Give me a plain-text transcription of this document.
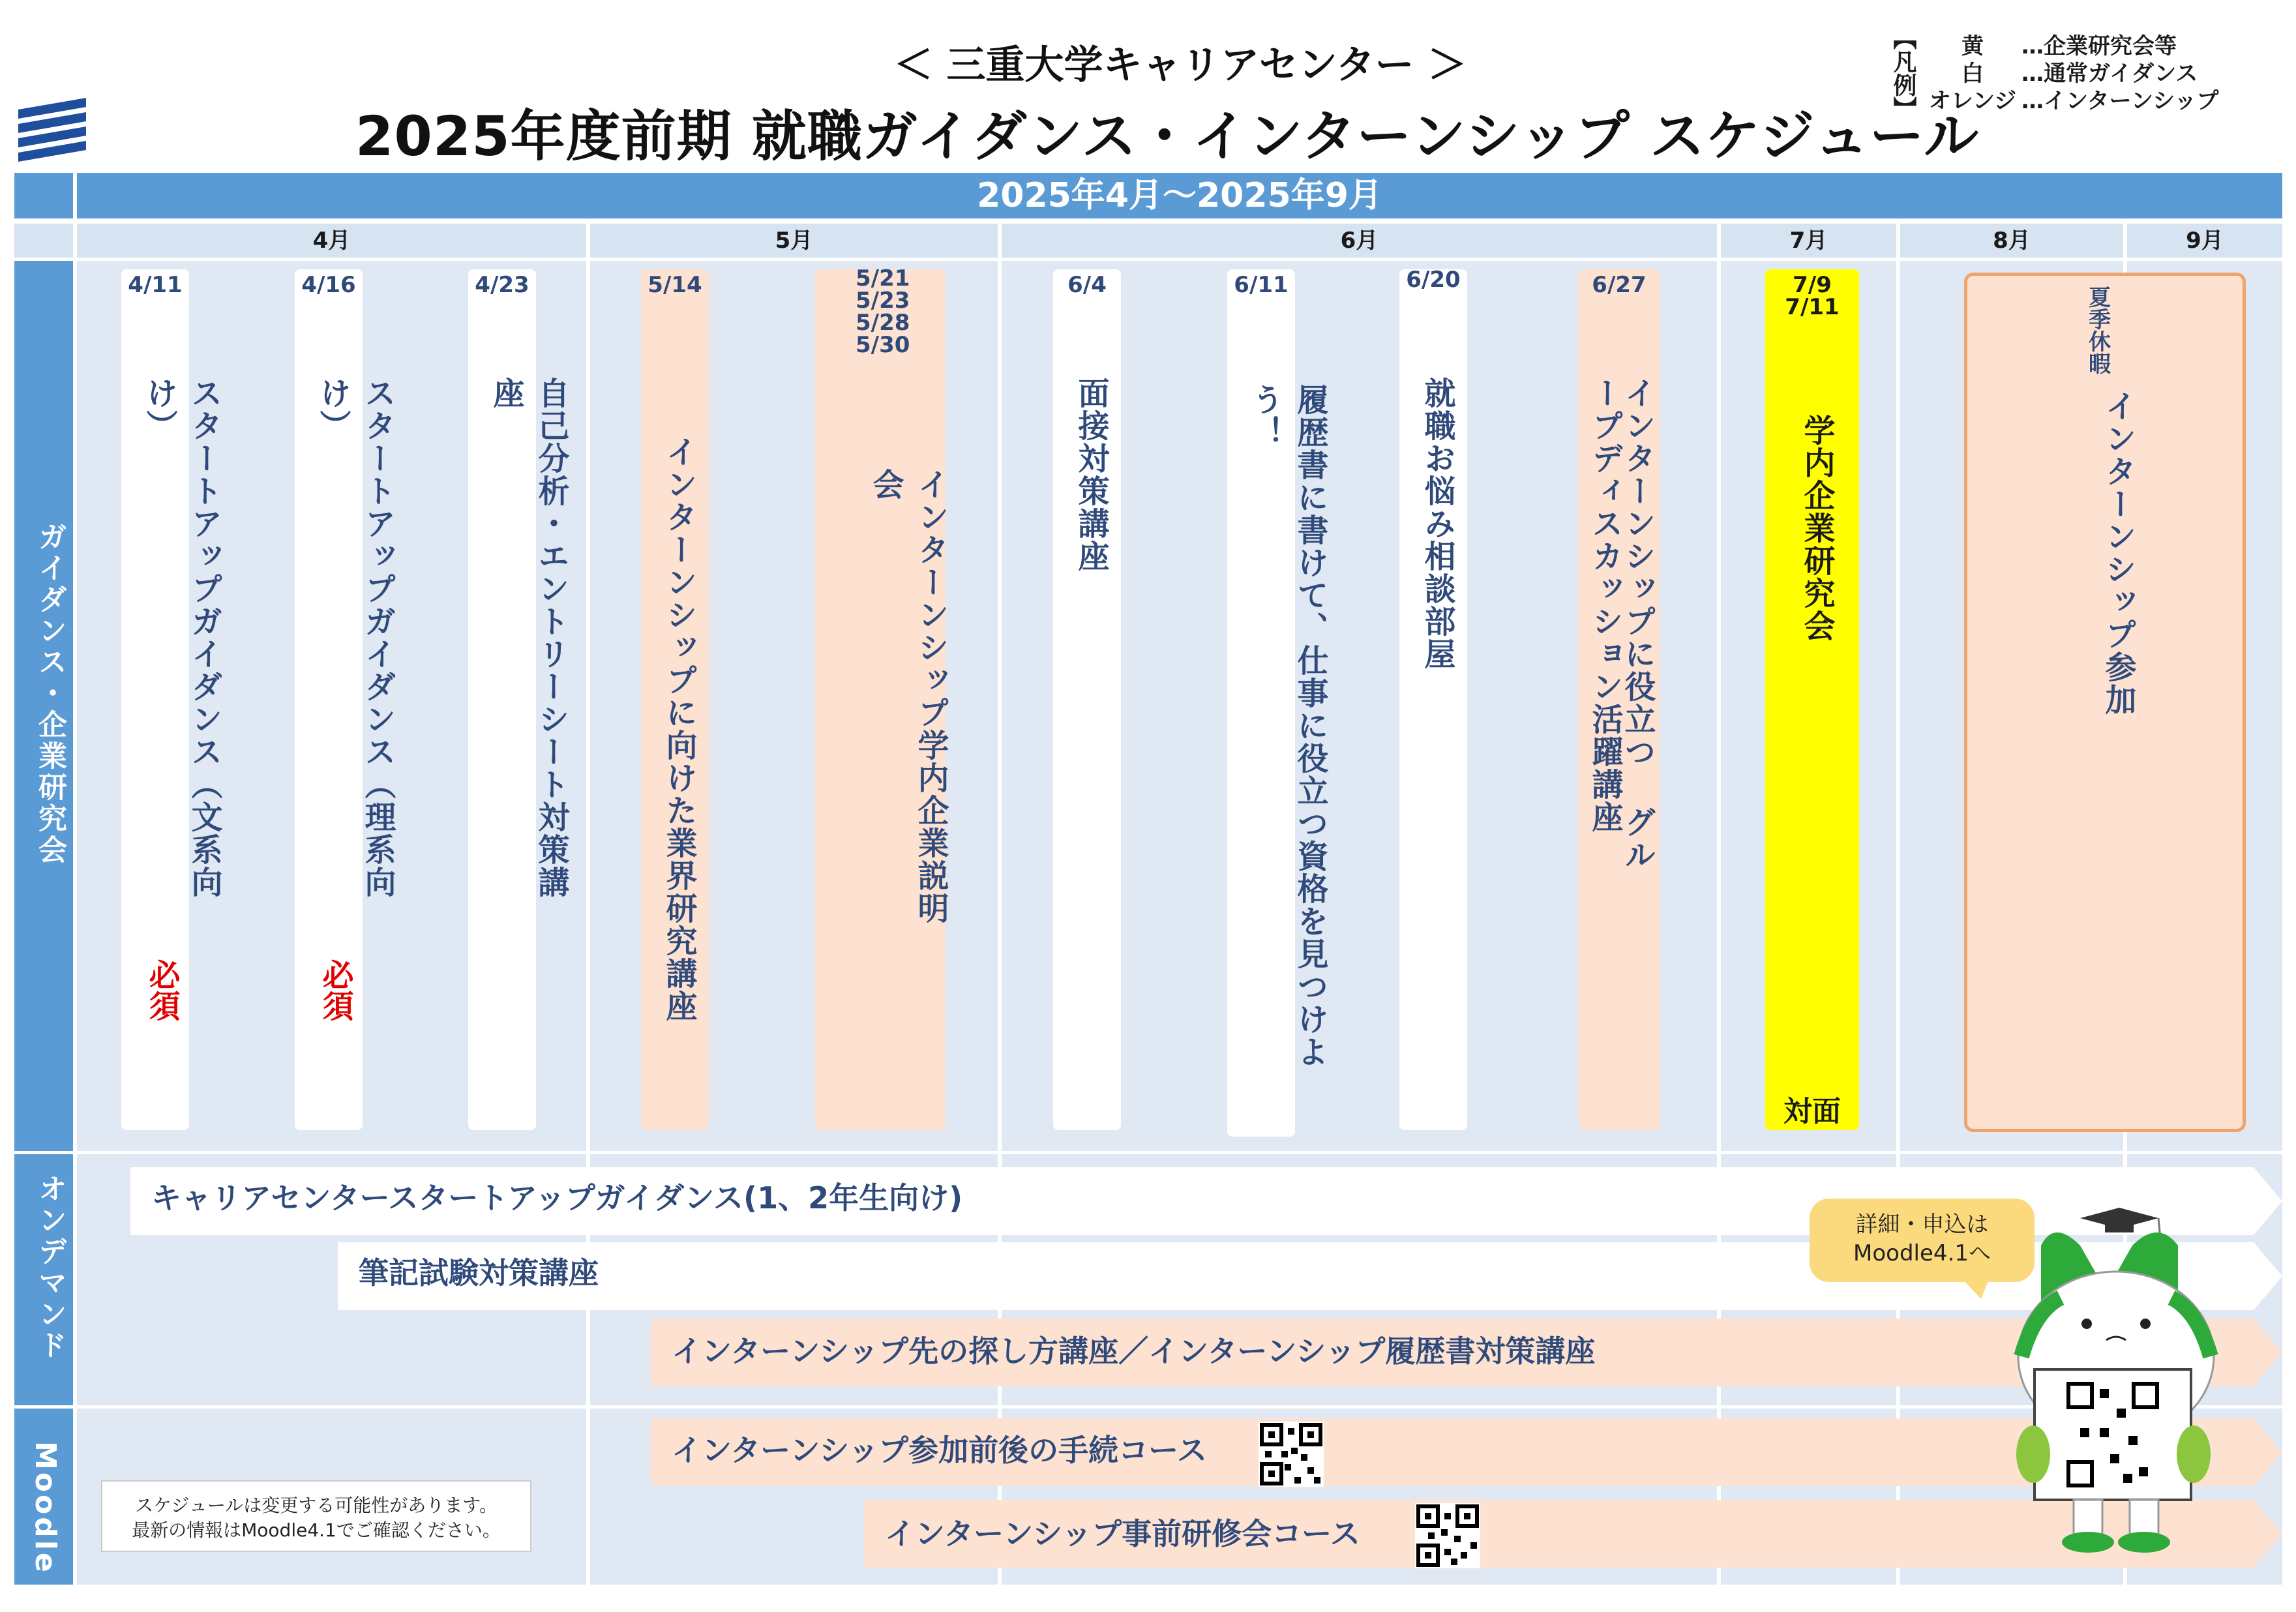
＜ 三重大学キャリアセンター ＞
2025年度前期 就職ガイダンス・インターンシップ スケジュール
【凡例】	黄 …企業研究会等
白 …通常ガイダンス
オレンジ …インターンシップ
2025年4月～2025年9月
ガイダンス・企業研究会
オンデマンド
Moodle
4月	5月	6月	7月	8月	9月
4/11
スタートアップガイダンス（文系向け）
必須
4/16
スタートアップガイダンス（理系向け）
必須
4/23
自己分析・エントリーシート対策講座
5/14
インターンシップに向けた業界研究講座
5/21 5/23 5/28 5/30
インターンシップ学内企業説明会
6/4
面接対策講座
6/11
履歴書に書けて、仕事に役立つ資格を見つけよう！
6/20
就職お悩み相談部屋
6/27
インターンシップに役立つ グループディスカッション活躍講座
7/9 7/11
学内企業研究会
対面
夏季休暇
インターンシップ参加
キャリアセンタースタートアップガイダンス(1、2年生向け)
筆記試験対策講座
インターンシップ先の探し方講座／インターンシップ履歴書対策講座
インターンシップ参加前後の手続コース
インターンシップ事前研修会コース
スケジュールは変更する可能性があります。
最新の情報はMoodle4.1でご確認ください。
詳細・申込は
Moodle4.1へ
